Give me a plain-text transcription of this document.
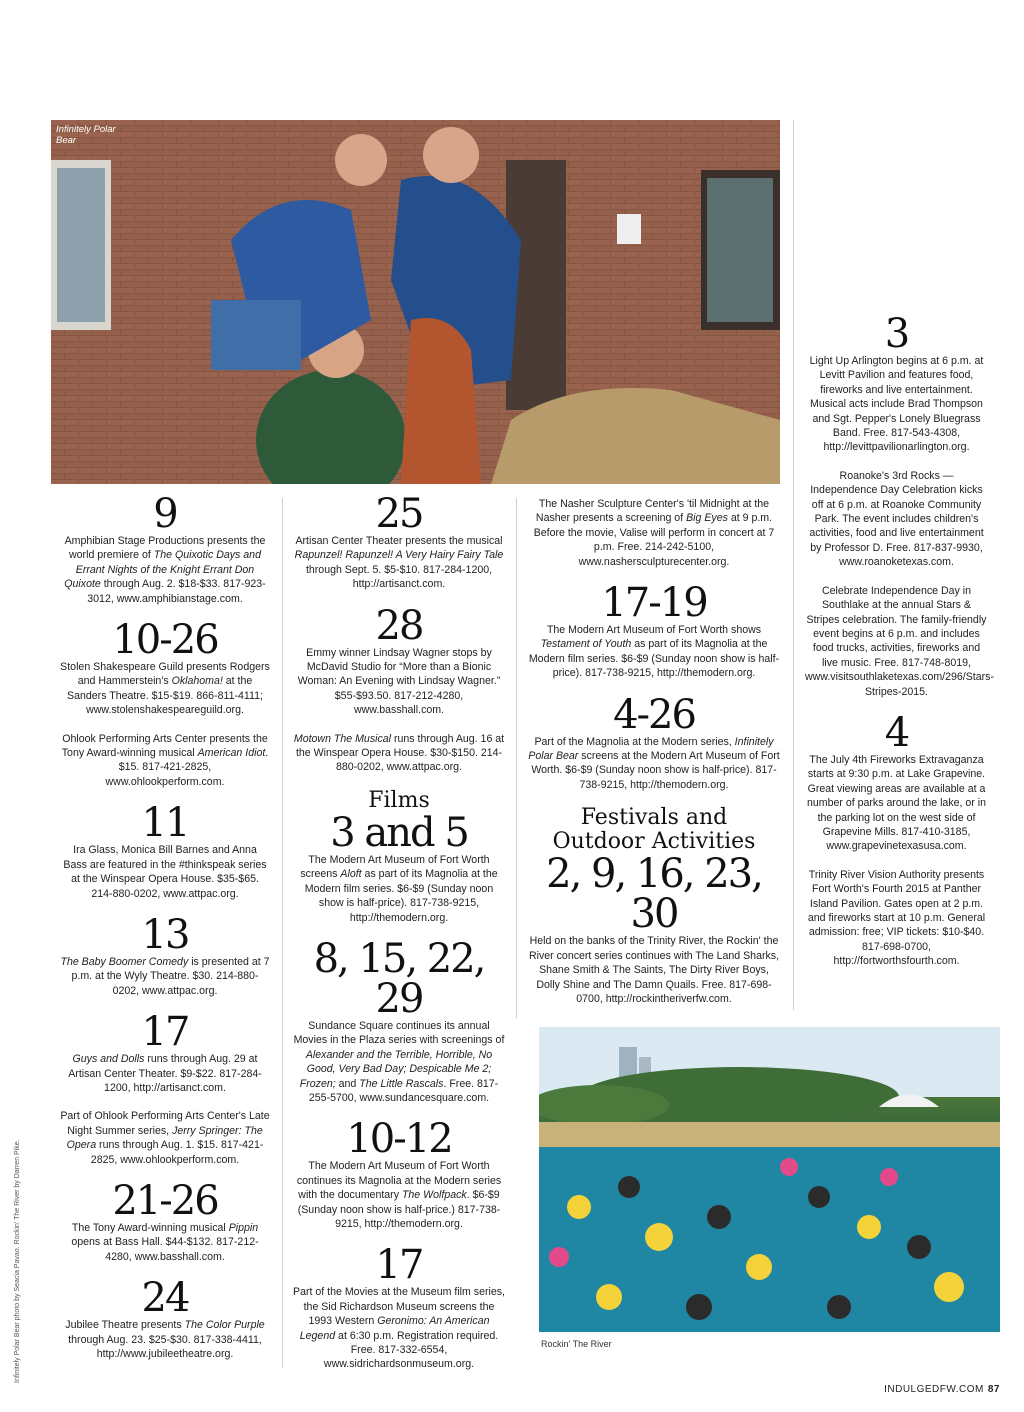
Infinitely Polar
Bear
9

Amphibian Stage Productions presents the world premiere of The Quixotic Days and Errant Nights of the Knight Errant Don Quixote through Aug. 2. $18-$33. 817-923-3012, www.amphibianstage.com.

10-26

Stolen Shakespeare Guild presents Rodgers and Hammerstein's Oklahoma! at the Sanders Theatre. $15-$19. 866-811-4111; www.stolenshakespeareguild.org.

Ohlook Performing Arts Center presents the Tony Award-winning musical American Idiot. $15. 817-421-2825, www.ohlookperform.com.

11

Ira Glass, Monica Bill Barnes and Anna Bass are featured in the #thinkspeak series at the Winspear Opera House. $35-$65. 214-880-0202, www.attpac.org.

13

The Baby Boomer Comedy is presented at 7 p.m. at the Wyly Theatre. $30. 214-880-0202, www.attpac.org.

17

Guys and Dolls runs through Aug. 29 at Artisan Center Theater. $9-$22. 817-284-1200, http://artisanct.com.

Part of Ohlook Performing Arts Center's Late Night Summer series, Jerry Springer: The Opera runs through Aug. 1. $15. 817-421-2825, www.ohlookperform.com.

21-26

The Tony Award-winning musical Pippin opens at Bass Hall. $44-$132. 817-212-4280, www.basshall.com.

24

Jubilee Theatre presents The Color Purple through Aug. 23. $25-$30. 817-338-4411, http://www.jubileetheatre.org.

25

Artisan Center Theater presents the musical Rapunzel! Rapunzel! A Very Hairy Fairy Tale through Sept. 5. $5-$10. 817-284-1200, http://artisanct.com.

28

Emmy winner Lindsay Wagner stops by McDavid Studio for “More than a Bionic Woman: An Evening with Lindsay Wagner.” $55-$93.50. 817-212-4280, www.basshall.com.

Motown The Musical runs through Aug. 16 at the Winspear Opera House. $30-$150. 214-880-0202, www.attpac.org.

Films
3 and 5

The Modern Art Museum of Fort Worth screens Aloft as part of its Magnolia at the Modern film series. $6-$9 (Sunday noon show is half-price). 817-738-9215, http://themodern.org.

8, 15, 22,
29

Sundance Square continues its annual Movies in the Plaza series with screenings of Alexander and the Terrible, Horrible, No Good, Very Bad Day; Despicable Me 2; Frozen; and The Little Rascals. Free. 817-255-5700, www.sundancesquare.com.

10-12

The Modern Art Museum of Fort Worth continues its Magnolia at the Modern series with the documentary The Wolfpack. $6-$9 (Sunday noon show is half-price.) 817-738-9215, http://themodern.org.

17

Part of the Movies at the Museum film series, the Sid Richardson Museum screens the 1993 Western Geronimo: An American Legend at 6:30 p.m. Registration required. Free. 817-332-6554, www.sidrichardsonmuseum.org.

The Nasher Sculpture Center's 'til Midnight at the Nasher presents a screening of Big Eyes at 9 p.m. Before the movie, Valise will perform in concert at 7 p.m. Free. 214-242-5100, www.nashersculpturecenter.org.

17-19

The Modern Art Museum of Fort Worth shows Testament of Youth as part of its Magnolia at the Modern film series. $6-$9 (Sunday noon show is half-price). 817-738-9215, http://themodern.org.

4-26

Part of the Magnolia at the Modern series, Infinitely Polar Bear screens at the Modern Art Museum of Fort Worth. $6-$9 (Sunday noon show is half-price). 817-738-9215, http://themodern.org.

Festivals and
Outdoor Activities
2, 9, 16, 23,
30

Held on the banks of the Trinity River, the Rockin' the River concert series continues with The Land Sharks, Shane Smith & The Saints, The Dirty River Boys, Dolly Shine and The Damn Quails. Free. 817-698-0700, http://rockintheriverfw.com.

3

Light Up Arlington begins at 6 p.m. at Levitt Pavilion and features food, fireworks and live entertainment. Musical acts include Brad Thompson and Sgt. Pepper's Lonely Bluegrass Band. Free. 817-543-4308, http://levittpavilionarlington.org.

Roanoke's 3rd Rocks — Independence Day Celebration kicks off at 6 p.m. at Roanoke Community Park. The event includes children's activities, food and live entertainment by Professor D. Free. 817-837-9930, www.roanoketexas.com.

Celebrate Independence Day in Southlake at the annual Stars & Stripes celebration. The family-friendly event begins at 6 p.m. and includes food trucks, activities, fireworks and live music. Free. 817-748-8019, www.visitsouthlaketexas.com/296/Stars-Stripes-2015.

4

The July 4th Fireworks Extravaganza starts at 9:30 p.m. at Lake Grapevine. Great viewing areas are available at a number of parks around the lake, or in the parking lot on the west side of Grapevine Mills. 817-410-3185, www.grapevinetexasusa.com.

Trinity River Vision Authority presents Fort Worth's Fourth 2015 at Panther Island Pavilion. Gates open at 2 p.m. and fireworks start at 10 p.m. General admission: free; VIP tickets: $10-$40. 817-698-0700, http://fortworthsfourth.com.

Rockin' The River
Infinitely Polar Bear photo by Seacia Pavao. Rockin' The River by Darren Pike.
INDULGEDFW.COM 87
